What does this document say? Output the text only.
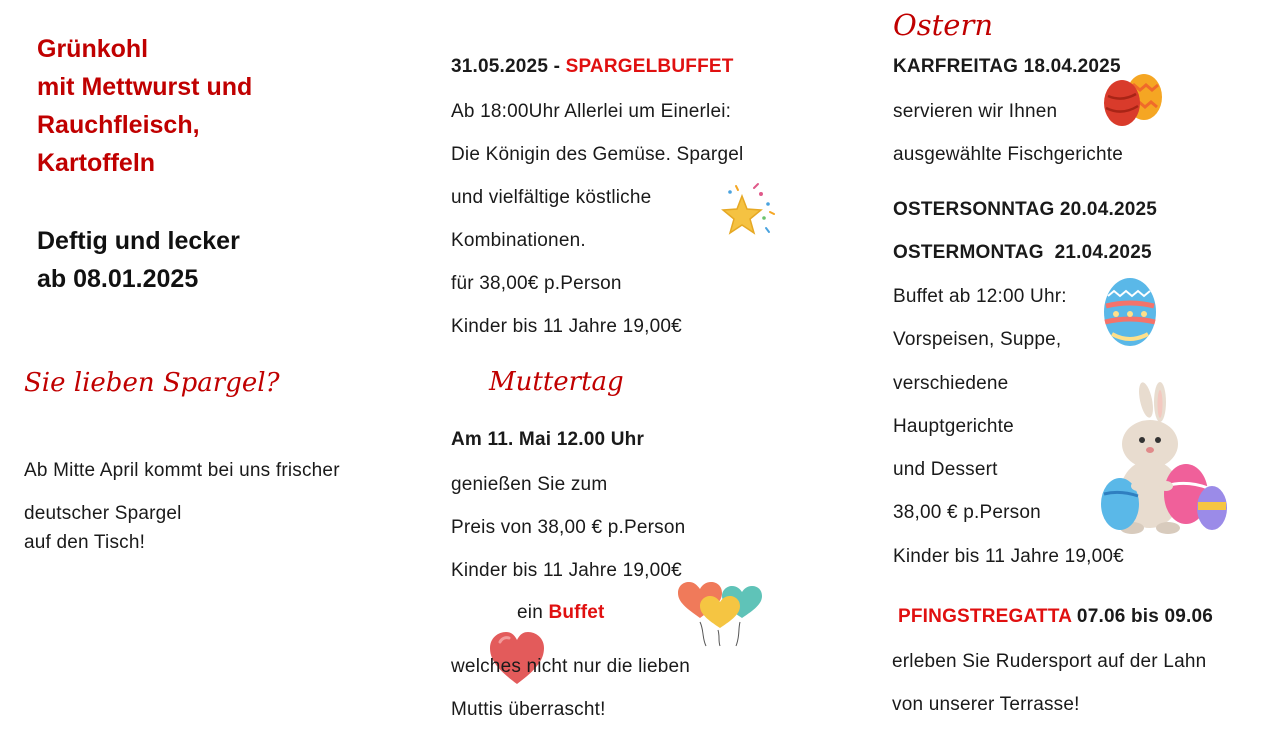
Grünkohl
mit Mettwurst und
Rauchfleisch,
Kartoffeln
Deftig und lecker
ab 08.01.2025
Sie lieben Spargel?
Ab Mitte April kommt bei uns frischer
deutscher Spargel
auf den Tisch!
31.05.2025 - SPARGELBUFFET
Ab 18:00Uhr Allerlei um Einerlei:
Die Königin des Gemüse. Spargel
und vielfältige köstliche
Kombinationen.
für 38,00€ p.Person
Kinder bis 11 Jahre 19,00€
Muttertag
Am 11. Mai 12.00 Uhr
genießen Sie zum
Preis von 38,00 € p.Person
Kinder bis 11 Jahre 19,00€
ein Buffet
welches nicht nur die lieben
Muttis überrascht!
Ostern
KARFREITAG 18.04.2025
servieren wir Ihnen
ausgewählte Fischgerichte
OSTERSONNTAG 20.04.2025
OSTERMONTAG  21.04.2025
Buffet ab 12:00 Uhr:
Vorspeisen, Suppe,
verschiedene
Hauptgerichte
und Dessert
38,00 € p.Person
Kinder bis 11 Jahre 19,00€
PFINGSTREGATTA 07.06 bis 09.06
erleben Sie Rudersport auf der Lahn
von unserer Terrasse!
